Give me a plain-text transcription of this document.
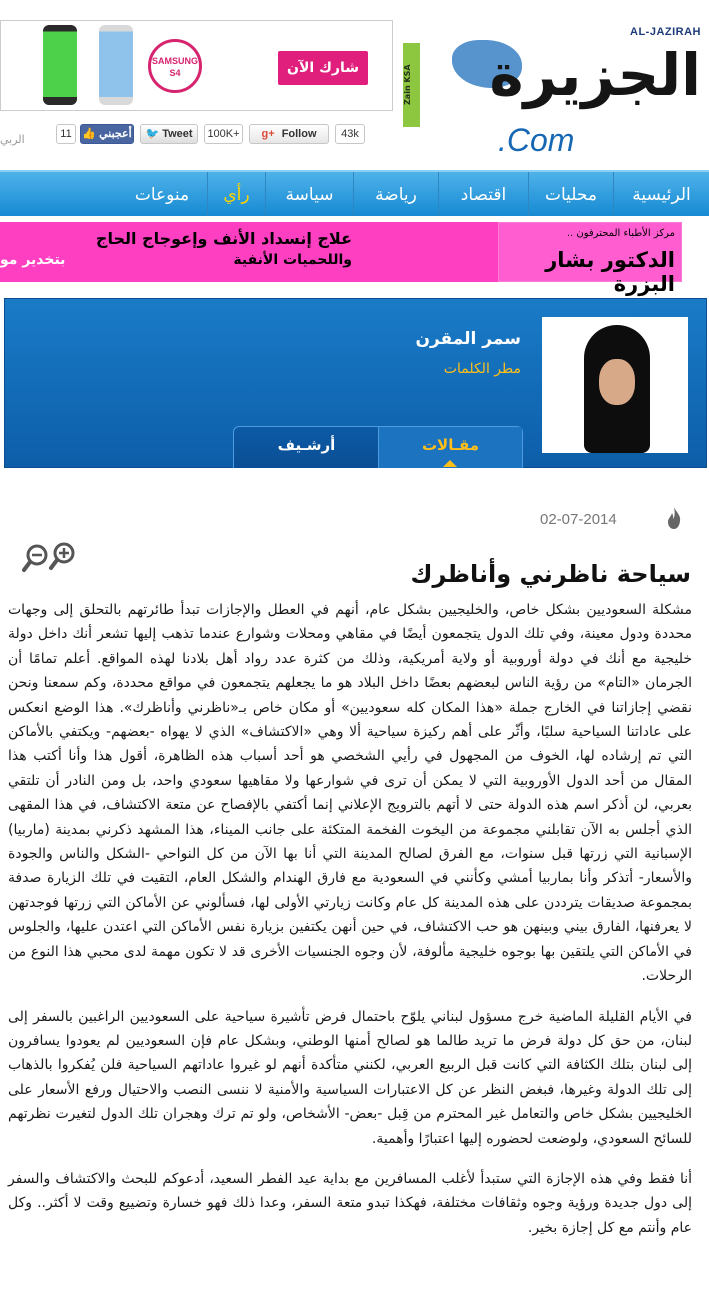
SAMSUNG
S4	شارك الآن	Zain KSA
AL-JAZIRAH
الجزيرة
.Com
الربي	11 👍 أعجبني	🐦 Tweet	100K+	g+ Follow	43k
الرئيسية
محليات
اقتصاد
رياضة
سياسة
رأي
منوعات
مركز الأطباء المحترفون ..
الدكتور بشار البزرة
علاج إنسداد الأنف وإعوجاج الحاج
واللحميات الأنفية
بتخدير مو
سمر المقرن
مطر الكلمات
مقـالات
أرشـيف
02-07-2014
سياحة ناظرني وأناظرك

مشكلة السعوديين بشكل خاص، والخليجيين بشكل عام، أنهم في العطل والإجازات تبدأ طائرتهم بالتحلق إلى وجهات محددة ودول معينة، وفي تلك الدول يتجمعون أيضًا في مقاهي ومحلات وشوارع عندما تذهب إليها تشعر أنك داخل دولة خليجية مع أنك في دولة أوروبية أو ولاية أمريكية، وذلك من كثرة عدد رواد أهل بلادنا لهذه المواقع. أعلم تمامًا أن الجرمان «التام» من رؤية الناس لبعضهم بعضًا داخل البلاد هو ما يجعلهم يتجمعون في مواقع محددة، وكم سمعنا ونحن نقضي إجازاتنا في الخارج جملة «هذا المكان كله سعوديين» أو مكان خاص بـ«ناظرني وأناظرك». هذا الوضع انعكس على عاداتنا السياحية سلبًا، وأثّر على أهم ركيزة سياحية ألا وهي «الاكتشاف» الذي لا يهواه -بعضهم- ويكتفي بالأماكن التي تم إرشاده لها، الخوف من المجهول في رأيي الشخصي هو أحد أسباب هذه الظاهرة، أقول هذا وأنا أكتب هذا المقال من أحد الدول الأوروبية التي لا يمكن أن ترى في شوارعها ولا مقاهيها سعودي واحد، بل ومن النادر أن تلتقي بعربي، لن أذكر اسم هذه الدولة حتى لا أتهم بالترويج الإعلاني إنما أكتفي بالإفصاح عن متعة الاكتشاف، في هذا المقهى الذي أجلس به الآن تقابلني مجموعة من اليخوت الفخمة المتكئة على جانب الميناء، هذا المشهد ذكرني بمدينة (ماربيا) الإسبانية التي زرتها قبل سنوات، مع الفرق لصالح المدينة التي أنا بها الآن من كل النواحي -الشكل والناس والجودة والأسعار- أتذكر وأنا بماربيا أمشي وكأنني في السعودية مع فارق الهندام والشكل العام، التقيت في تلك الزيارة صدفة بمجموعة صديقات يترددن على هذه المدينة كل عام وكانت زيارتي الأولى لها، فسألوني عن الأماكن التي زرتها فوجدتهن لا يعرفنها، الفارق بيني وبينهن هو حب الاكتشاف، في حين أنهن يكتفين بزيارة نفس الأماكن التي اعتدن عليها، والجلوس في الأماكن التي يلتقين بها بوجوه خليجية مألوفة، لأن وجوه الجنسيات الأخرى قد لا تكون مهمة لدى محبي هذا النوع من الرحلات.

في الأيام القليلة الماضية خرج مسؤول لبناني يلوّح باحتمال فرض تأشيرة سياحية على السعوديين الراغبين بالسفر إلى لبنان، من حق كل دولة فرض ما تريد طالما هو لصالح أمنها الوطني، وبشكل عام فإن السعوديين لم يعودوا يسافرون إلى لبنان بتلك الكثافة التي كانت قبل الربيع العربي، لكنني متأكدة أنهم لو غيروا عاداتهم السياحية فلن يُفكروا بالذهاب إلى تلك الدولة وغيرها، فبغض النظر عن كل الاعتبارات السياسية والأمنية لا ننسى النصب والاحتيال ورفع الأسعار على الخليجيين بشكل خاص والتعامل غير المحترم من قِبل -بعض- الأشخاص، ولو تم ترك وهجران تلك الدول لتغيرت نظرتهم للسائح السعودي، ولوضعت لحضوره إليها اعتبارًا وأهمية.

أنا فقط وفي هذه الإجازة التي ستبدأ لأغلب المسافرين مع بداية عيد الفطر السعيد، أدعوكم للبحث والاكتشاف والسفر إلى دول جديدة ورؤية وجوه وثقافات مختلفة، فهكذا تبدو متعة السفر، وعدا ذلك فهو خسارة وتضييع وقت لا أكثر.. وكل عام وأنتم مع كل إجازة بخير.
